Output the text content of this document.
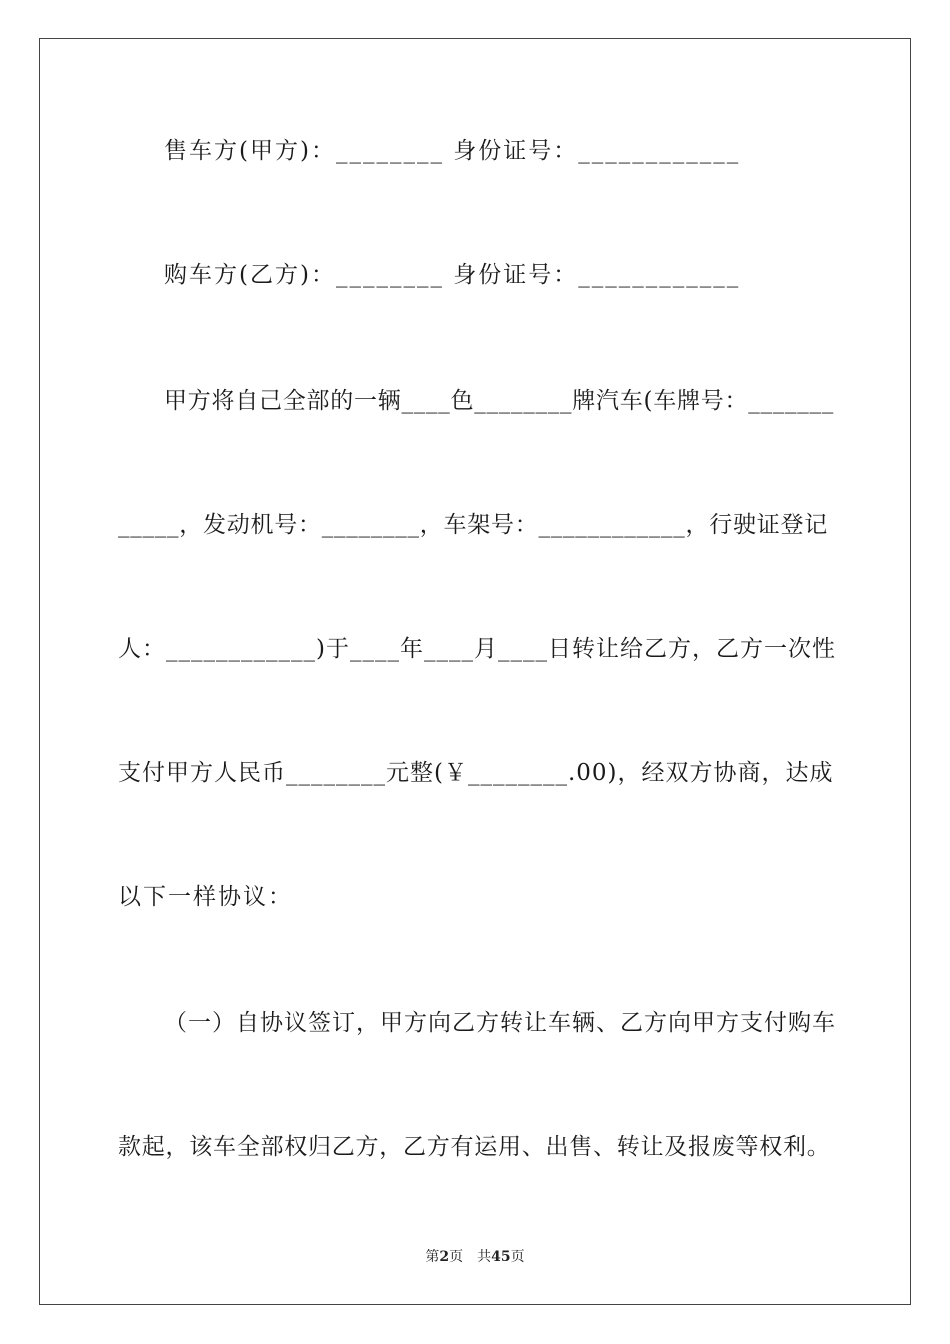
售车方(甲方)：________ 身份证号：____________
购车方(乙方)：________ 身份证号：____________
甲方将自己全部的一辆____色________牌汽车(车牌号：_______
_____，发动机号：________，车架号：____________，行驶证登记
人：____________)于____年____月____日转让给乙方，乙方一次性
支付甲方人民币________元整(￥________.00)，经双方协商，达成
以下一样协议：
（一）自协议签订，甲方向乙方转让车辆、乙方向甲方支付购车
款起，该车全部权归乙方，乙方有运用、出售、转让及报废等权利。
第2页　共45页
